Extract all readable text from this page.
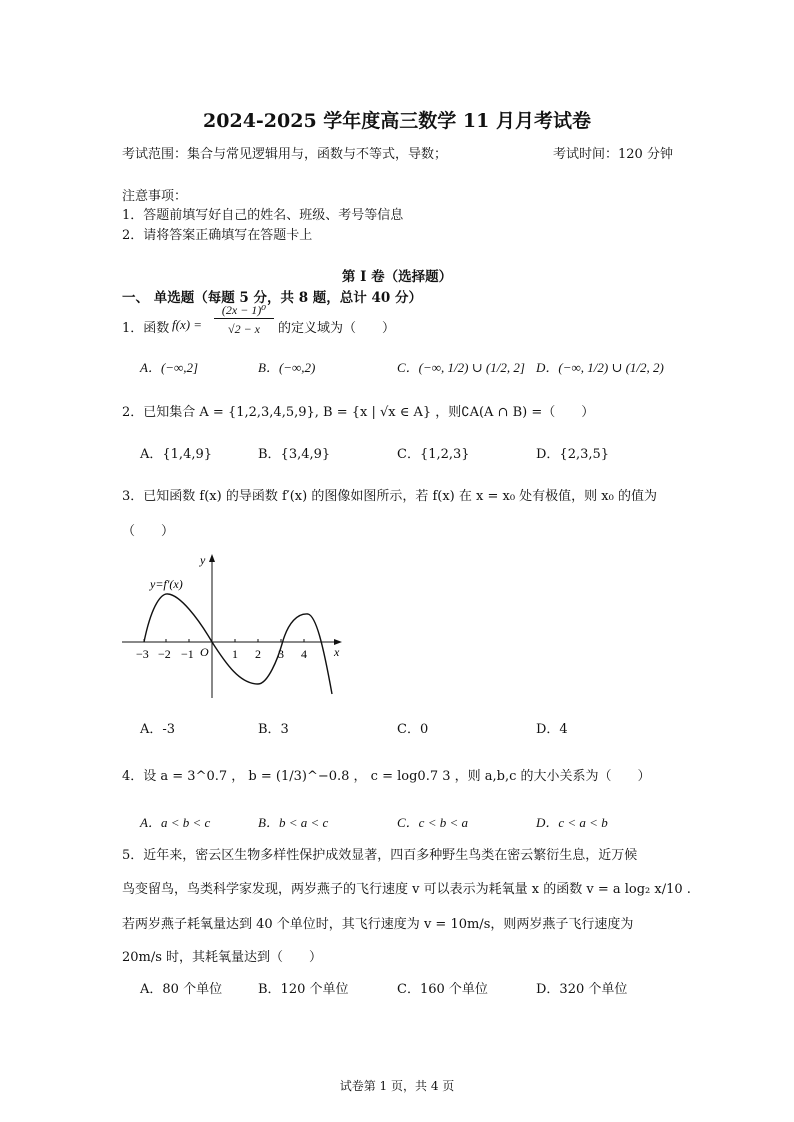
2024-2025 学年度高三数学 11 月月考试卷
考试范围：集合与常见逻辑用与，函数与不等式，导数；	考试时间：120 分钟
注意事项：
1．答题前填写好自己的姓名、班级、考号等信息
2．请将答案正确填写在答题卡上
第 I 卷（选择题）
一、 单选题（每题 5 分，共 8 题，总计 40 分）
1．函数 f(x) =
(2x − 1)⁰
√2 − x	的定义域为（　　）
A．(−∞,2]	B．(−∞,2)	C．(−∞, 1/2) ∪ (1/2, 2] D．(−∞, 1/2) ∪ (1/2, 2)
2．已知集合 A = {1,2,3,4,5,9}, B = {x | √x ∈ A} ，则∁A(A ∩ B) =（　　）
A．{1,4,9}	B．{3,4,9}	C．{1,2,3}	D．{2,3,5}
3．已知函数 f(x) 的导函数 f′(x) 的图像如图所示，若 f(x) 在 x = x₀ 处有极值，则 x₀ 的值为
（　　）
y=f′(x)
y
x
O
−3 −2 −1	1 2 3 4
A．-3	B．3	C．0	D．4
4．设 a = 3^0.7 ， b = (1/3)^−0.8 ， c = log0.7 3 ，则 a,b,c 的大小关系为（　　）
A．a < b < c	B．b < a < c	C．c < b < a	D．c < a < b
5．近年来，密云区生物多样性保护成效显著，四百多种野生鸟类在密云繁衍生息，近万候
鸟变留鸟，鸟类科学家发现，两岁燕子的飞行速度 v 可以表示为耗氧量 x 的函数 v = a log₂ x/10 .
若两岁燕子耗氧量达到 40 个单位时，其飞行速度为 v = 10m/s，则两岁燕子飞行速度为
20m/s 时，其耗氧量达到（　　）
A．80 个单位	B．120 个单位	C．160 个单位	D．320 个单位
试卷第 1 页，共 4 页
